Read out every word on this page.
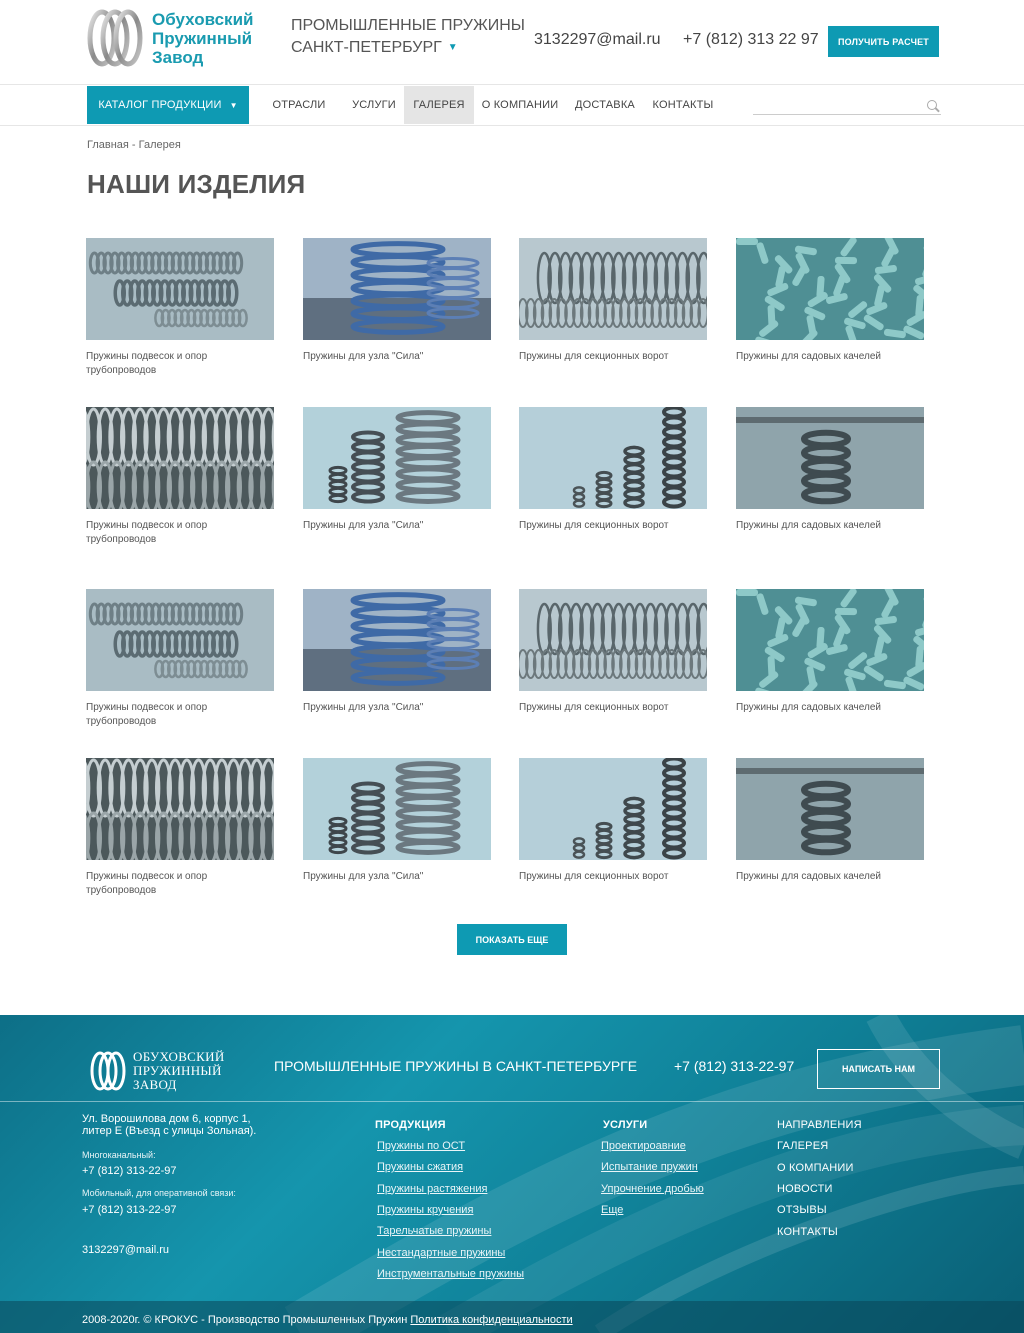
Обуховский
Пружинный
Завод
ПРОМЫШЛЕННЫЕ ПРУЖИНЫ
САНКТ-ПЕТЕРБУРГ ▼	3132297@mail.ru +7 (812) 313 22 97	ПОЛУЧИТЬ РАСЧЕТ
КАТАЛОГ ПРОДУКЦИИ ▼	ОТРАСЛИ	УСЛУГИ	ГАЛЕРЕЯ	О КОМПАНИИ	ДОСТАВКА	КОНТАКТЫ
Главная - Галерея
НАШИ ИЗДЕЛИЯ
Пружины подвесок и опор трубопроводов
Пружины для узла "Сила"	Пружины для секционных ворот	Пружины для садовых качелей
Пружины подвесок и опор трубопроводов
Пружины для узла "Сила"	Пружины для секционных ворот	Пружины для садовых качелей
Пружины подвесок и опор трубопроводов
Пружины для узла "Сила"	Пружины для секционных ворот	Пружины для садовых качелей
Пружины подвесок и опор трубопроводов
Пружины для узла "Сила"	Пружины для секционных ворот	Пружины для садовых качелей
ПОКАЗАТЬ ЕЩЕ
ОБУХОВСКИЙ
ПРУЖИННЫЙ
ЗАВОД
ПРОМЫШЛЕННЫЕ ПРУЖИНЫ В САНКТ-ПЕТЕРБУРГЕ	+7 (812) 313-22-97	НАПИСАТЬ НАМ
Ул. Ворошилова дом 6, корпус 1,
литер Е (Въезд с улицы Зольная).
Многоканальный:
+7 (812) 313-22-97
Мобильный, для оперативной связи:
+7 (812) 313-22-97
3132297@mail.ru
ПРОДУКЦИЯ
Пружины по ОСТ
Пружины сжатия
Пружины растяжения
Пружины кручения
Тарельчатые пружины
Нестандартные пружины
Инструментальные пружины
УСЛУГИ
Проектироавние
Испытание пружин
Упрочнение дробью
Еще
НАПРАВЛЕНИЯ
ГАЛЕРЕЯ
О КОМПАНИИ
НОВОСТИ
ОТЗЫВЫ
КОНТАКТЫ
2008-2020г. © КРОКУС - Производство Промышленных Пружин Политика конфиденциальности
